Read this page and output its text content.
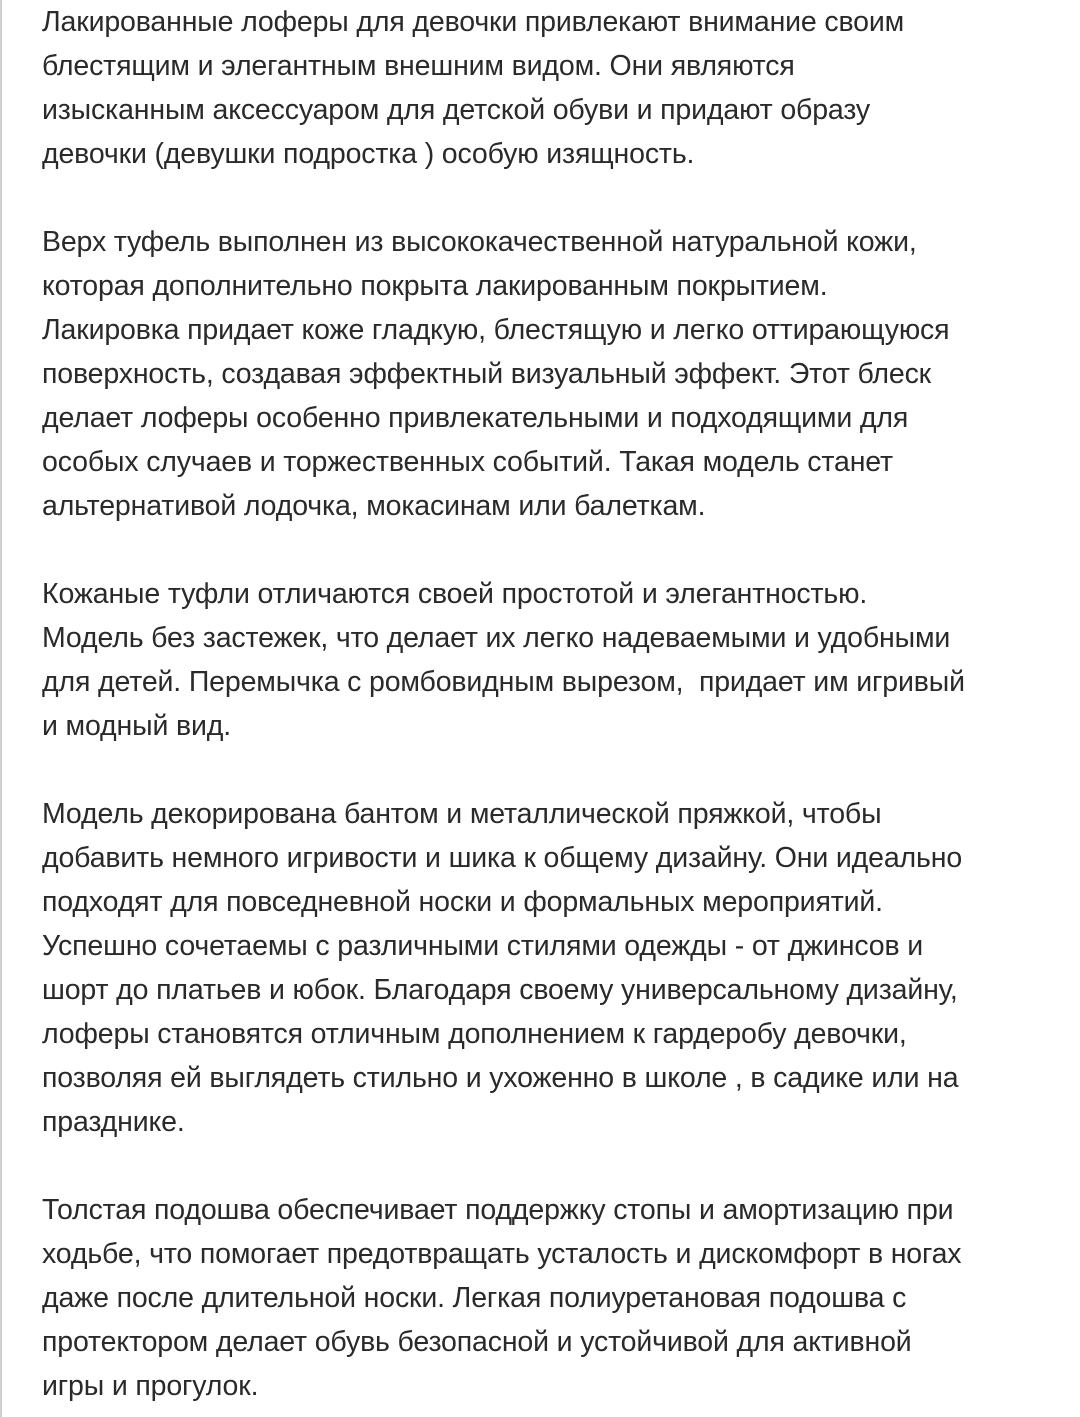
Лакированные лоферы для девочки привлекают внимание своим
блестящим и элегантным внешним видом. Они являются
изысканным аксессуаром для детской обуви и придают образу
девочки (девушки подростка ) особую изящность.
Верх туфель выполнен из высококачественной натуральной кожи,
которая дополнительно покрыта лакированным покрытием.
Лакировка придает коже гладкую, блестящую и легко оттирающуюся
поверхность, создавая эффектный визуальный эффект. Этот блеск
делает лоферы особенно привлекательными и подходящими для
особых случаев и торжественных событий. Такая модель станет
альтернативой лодочка, мокасинам или балеткам.
Кожаные туфли отличаются своей простотой и элегантностью.
Модель без застежек, что делает их легко надеваемыми и удобными
для детей. Перемычка с ромбовидным вырезом,  придает им игривый
и модный вид.
Модель декорирована бантом и металлической пряжкой, чтобы
добавить немного игривости и шика к общему дизайну. Они идеально
подходят для повседневной носки и формальных мероприятий.
Успешно сочетаемы с различными стилями одежды - от джинсов и
шорт до платьев и юбок. Благодаря своему универсальному дизайну,
лоферы становятся отличным дополнением к гардеробу девочки,
позволяя ей выглядеть стильно и ухоженно в школе , в садике или на
празднике.
Толстая подошва обеспечивает поддержку стопы и амортизацию при
ходьбе, что помогает предотвращать усталость и дискомфорт в ногах
даже после длительной носки. Легкая полиуретановая подошва с
протектором делает обувь безопасной и устойчивой для активной
игры и прогулок.
